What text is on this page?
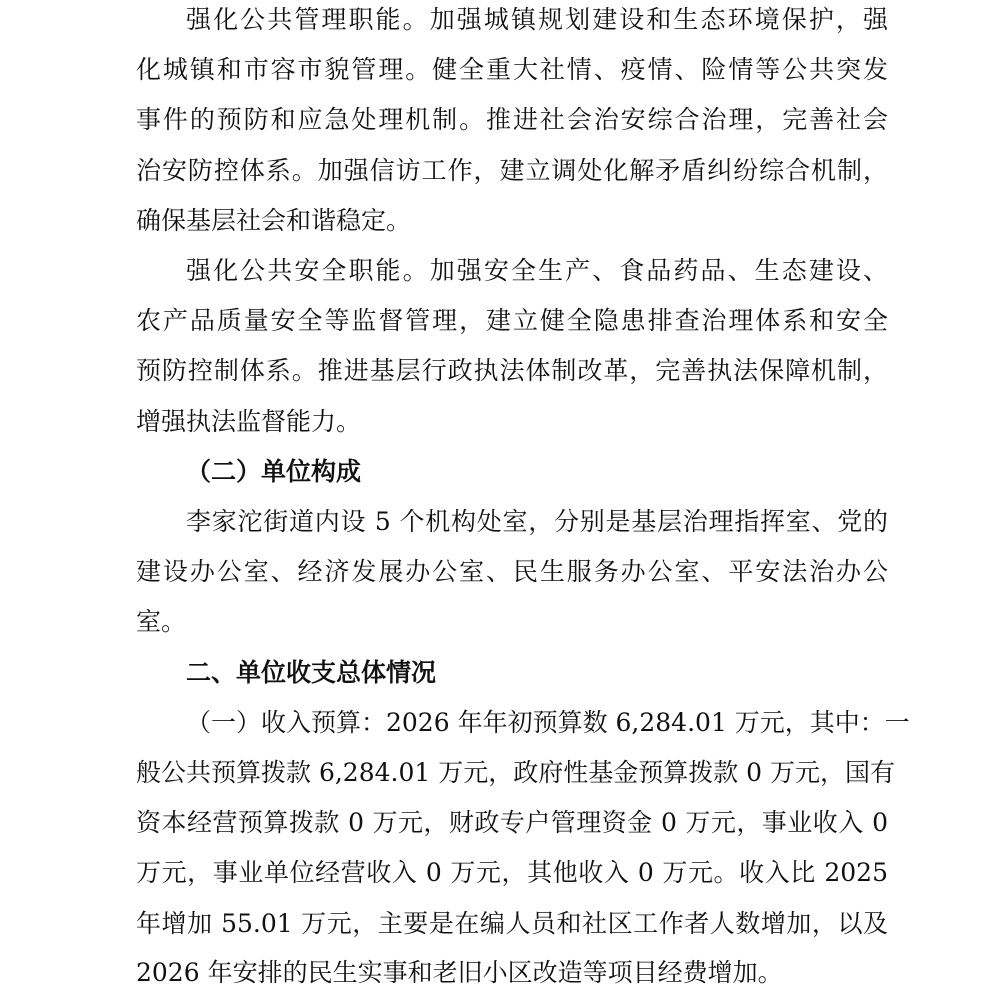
强化公共管理职能。加强城镇规划建设和生态环境保护，强
化城镇和市容市貌管理。健全重大社情、疫情、险情等公共突发
事件的预防和应急处理机制。推进社会治安综合治理，完善社会
治安防控体系。加强信访工作，建立调处化解矛盾纠纷综合机制，
确保基层社会和谐稳定。
强化公共安全职能。加强安全生产、食品药品、生态建设、
农产品质量安全等监督管理，建立健全隐患排查治理体系和安全
预防控制体系。推进基层行政执法体制改革，完善执法保障机制，
增强执法监督能力。
（二）单位构成
李家沱街道内设 5 个机构处室，分别是基层治理指挥室、党的
建设办公室、经济发展办公室、民生服务办公室、平安法治办公
室。
二、单位收支总体情况
（一）收入预算：2026 年年初预算数 6,284.01 万元，其中：一
般公共预算拨款 6,284.01 万元，政府性基金预算拨款 0 万元，国有
资本经营预算拨款 0 万元，财政专户管理资金 0 万元，事业收入 0
万元，事业单位经营收入 0 万元，其他收入 0 万元。收入比 2025
年增加 55.01 万元，主要是在编人员和社区工作者人数增加，以及
2026 年安排的民生实事和老旧小区改造等项目经费增加。
